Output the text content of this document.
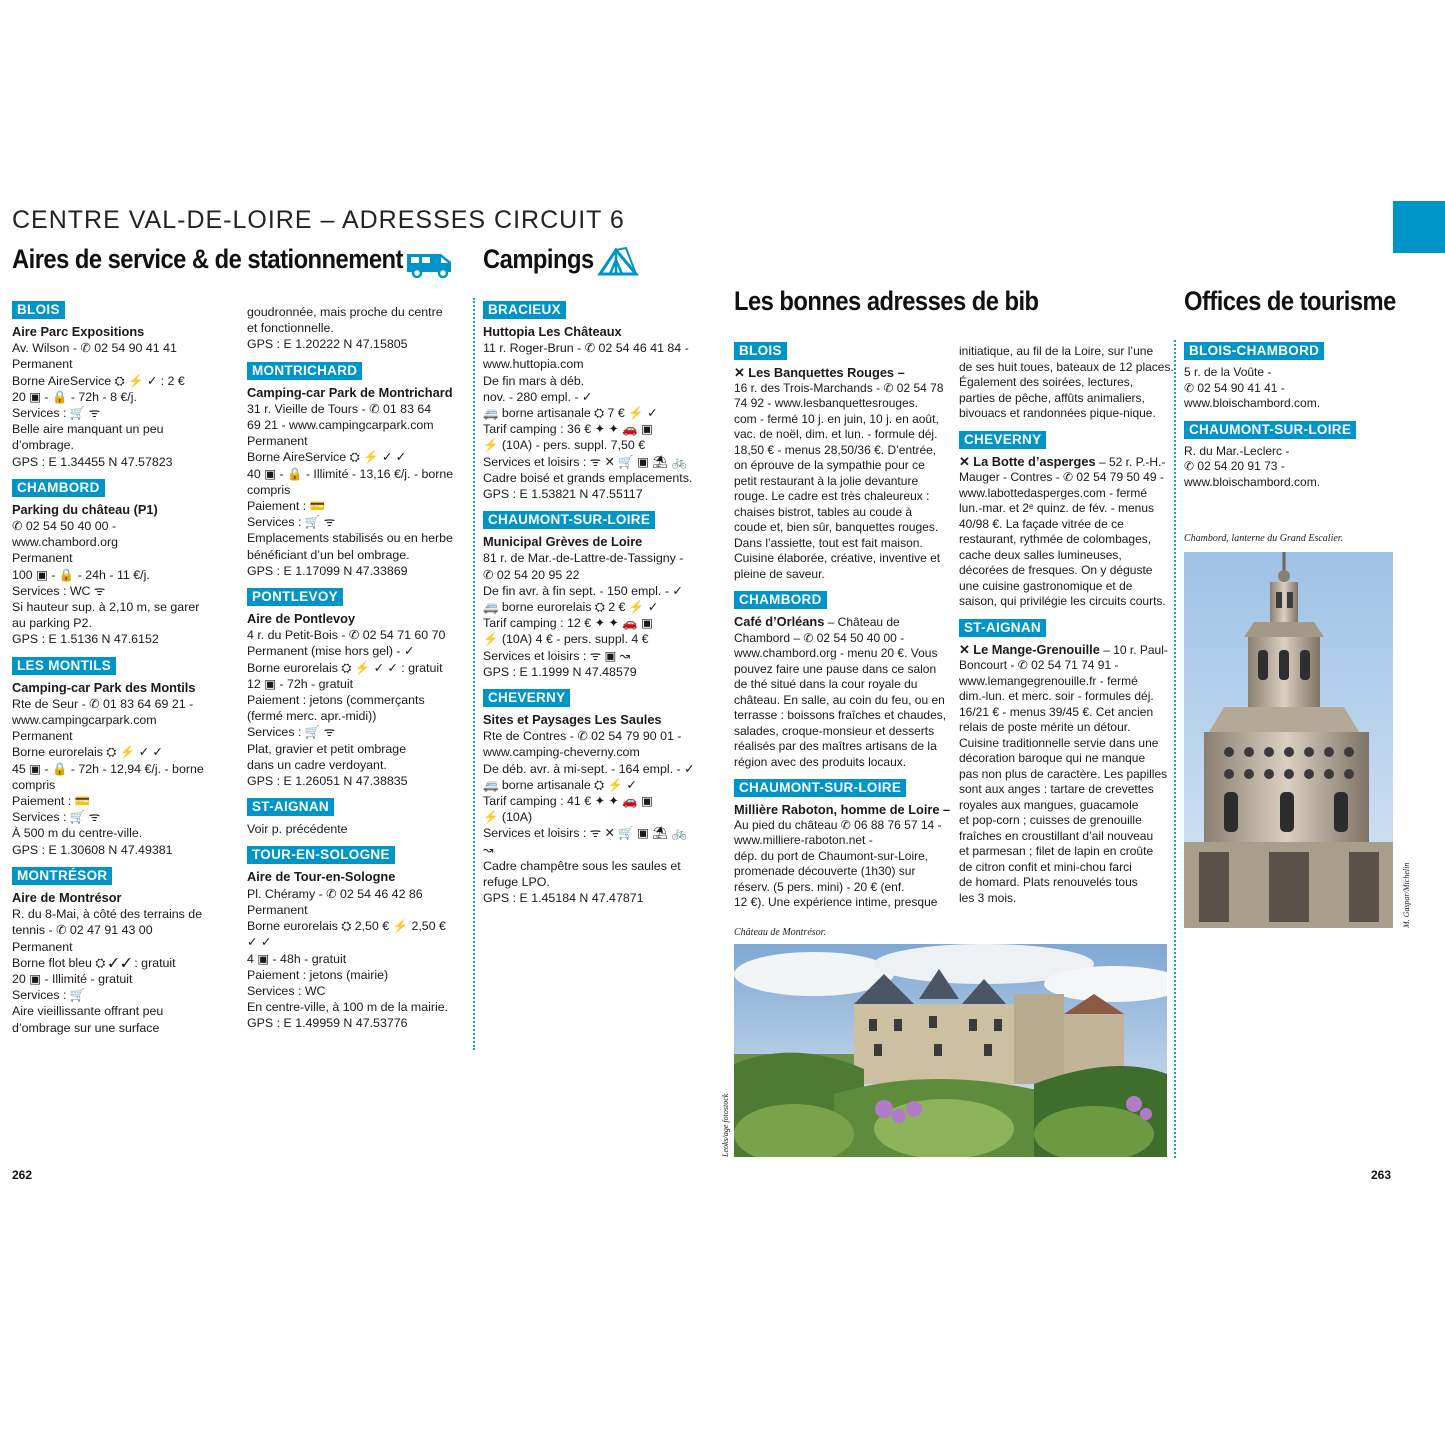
CENTRE VAL-DE-LOIRE – ADRESSES CIRCUIT 6
Aires de service & de stationnement	Campings
Les bonnes adresses de bib	Offices de tourisme
BLOIS
Aire Parc Expositions
Av. Wilson - ✆ 02 54 90 41 41
Permanent
Borne AireService ⛭ ⚡ ✓ : 2 €
20 ▣ - 🔒 - 72h - 8 €/j.
Services : 🛒 ᯤ
Belle aire manquant un peu
d’ombrage.
GPS : E 1.34455 N 47.57823
CHAMBORD
Parking du château (P1)
✆ 02 54 50 40 00 -
www.chambord.org
Permanent
100 ▣ - 🔒 - 24h - 11 €/j.
Services : WC ᯤ
Si hauteur sup. à 2,10 m, se garer
au parking P2.
GPS : E 1.5136 N 47.6152
LES MONTILS
Camping-car Park des Montils
Rte de Seur - ✆ 01 83 64 69 21 -
www.campingcarpark.com
Permanent
Borne eurorelais ⛭ ⚡ ✓ ✓
45 ▣ - 🔒 - 72h - 12,94 €/j. - borne
compris
Paiement : 💳
Services : 🛒 ᯤ
À 500 m du centre-ville.
GPS : E 1.30608 N 47.49381
MONTRÉSOR
Aire de Montrésor
R. du 8-Mai, à côté des terrains de
tennis - ✆ 02 47 91 43 00
Permanent
Borne flot bleu ⛭ ✓ ✓ : gratuit
20 ▣ - Illimité - gratuit
Services : 🛒
Aire vieillissante offrant peu
d’ombrage sur une surface
goudronnée, mais proche du centre
et fonctionnelle.
GPS : E 1.20222 N 47.15805
MONTRICHARD
Camping-car Park de Montrichard
31 r. Vieille de Tours - ✆ 01 83 64
69 21 - www.campingcarpark.com
Permanent
Borne AireService ⛭ ⚡ ✓ ✓
40 ▣ - 🔒 - Illimité - 13,16 €/j. - borne
compris
Paiement : 💳
Services : 🛒 ᯤ
Emplacements stabilisés ou en herbe
bénéficiant d’un bel ombrage.
GPS : E 1.17099 N 47.33869
PONTLEVOY
Aire de Pontlevoy
4 r. du Petit-Bois - ✆ 02 54 71 60 70
Permanent (mise hors gel) - ✓
Borne eurorelais ⛭ ⚡ ✓ ✓ : gratuit
12 ▣ - 72h - gratuit
Paiement : jetons (commerçants
(fermé merc. apr.-midi))
Services : 🛒 ᯤ
Plat, gravier et petit ombrage
dans un cadre verdoyant.
GPS : E 1.26051 N 47.38835
ST-AIGNAN
Voir p. précédente
TOUR-EN-SOLOGNE
Aire de Tour-en-Sologne
Pl. Chéramy - ✆ 02 54 46 42 86
Permanent
Borne eurorelais ⛭ 2,50 € ⚡ 2,50 €
✓ ✓
4 ▣ - 48h - gratuit
Paiement : jetons (mairie)
Services : WC
En centre-ville, à 100 m de la mairie.
GPS : E 1.49959 N 47.53776
BRACIEUX
Huttopia Les Châteaux
11 r. Roger-Brun - ✆ 02 54 46 41 84 -
www.huttopia.com
De fin mars à déb.
nov. - 280 empl. - ✓
🚐 borne artisanale ⛭ 7 € ⚡ ✓
Tarif camping : 36 € ✦ ✦ 🚗 ▣
⚡ (10A) - pers. suppl. 7,50 €
Services et loisirs : ᯤ ✕ 🛒 ▣ ⛱ 🚲
Cadre boisé et grands emplacements.
GPS : E 1.53821 N 47.55117
CHAUMONT-SUR-LOIRE
Municipal Grèves de Loire
81 r. de Mar.-de-Lattre-de-Tassigny -
✆ 02 54 20 95 22
De fin avr. à fin sept. - 150 empl. - ✓
🚐 borne eurorelais ⛭ 2 € ⚡ ✓
Tarif camping : 12 € ✦ ✦ 🚗 ▣
⚡ (10A) 4 € - pers. suppl. 4 €
Services et loisirs : ᯤ ▣ ↝
GPS : E 1.1999 N 47.48579
CHEVERNY
Sites et Paysages Les Saules
Rte de Contres - ✆ 02 54 79 90 01 -
www.camping-cheverny.com
De déb. avr. à mi-sept. - 164 empl. - ✓
🚐 borne artisanale ⛭ ⚡ ✓
Tarif camping : 41 € ✦ ✦ 🚗 ▣
⚡ (10A)
Services et loisirs : ᯤ ✕ 🛒 ▣ ⛱ 🚲
↝
Cadre champêtre sous les saules et
refuge LPO.
GPS : E 1.45184 N 47.47871
BLOIS
✕ Les Banquettes Rouges –
16 r. des Trois-Marchands - ✆ 02 54 78
74 92 - www.lesbanquettesrouges.
com - fermé 10 j. en juin, 10 j. en août,
vac. de noël, dim. et lun. - formule déj.
18,50 € - menus 28,50/36 €. D’entrée,
on éprouve de la sympathie pour ce
petit restaurant à la jolie devanture
rouge. Le cadre est très chaleureux :
chaises bistrot, tables au coude à
coude et, bien sûr, banquettes rouges.
Dans l’assiette, tout est fait maison.
Cuisine élaborée, créative, inventive et
pleine de saveur.
CHAMBORD
Café d’Orléans – Château de
Chambord – ✆ 02 54 50 40 00 -
www.chambord.org - menu 20 €. Vous
pouvez faire une pause dans ce salon
de thé situé dans la cour royale du
château. En salle, au coin du feu, ou en
terrasse : boissons fraîches et chaudes,
salades, croque-monsieur et desserts
réalisés par des maîtres artisans de la
région avec des produits locaux.
CHAUMONT-SUR-LOIRE
Millière Raboton, homme de Loire –
Au pied du château ✆ 06 88 76 57 14 -
www.milliere-raboton.net -
dép. du port de Chaumont-sur-Loire,
promenade découverte (1h30) sur
réserv. (5 pers. mini) - 20 € (enf.
12 €). Une expérience intime, presque
initiatique, au fil de la Loire, sur l’une
de ses huit toues, bateaux de 12 places.
Également des soirées, lectures,
parties de pêche, affûts animaliers,
bivouacs et randonnées pique-nique.
CHEVERNY
✕ La Botte d’asperges – 52 r. P.-H.-
Mauger - Contres - ✆ 02 54 79 50 49 -
www.labottedasperges.com - fermé
lun.-mar. et 2ᵉ quinz. de fév. - menus
40/98 €. La façade vitrée de ce
restaurant, rythmée de colombages,
cache deux salles lumineuses,
décorées de fresques. On y déguste
une cuisine gastronomique et de
saison, qui privilégie les circuits courts.
ST-AIGNAN
✕ Le Mange-Grenouille – 10 r. Paul-
Boncourt - ✆ 02 54 71 74 91 -
www.lemangegrenouille.fr - fermé
dim.-lun. et merc. soir - formules déj.
16/21 € - menus 39/45 €. Cet ancien
relais de poste mérite un détour.
Cuisine traditionnelle servie dans une
décoration baroque qui ne manque
pas non plus de caractère. Les papilles
sont aux anges : tartare de crevettes
royales aux mangues, guacamole
et pop-corn ; cuisses de grenouille
fraîches en croustillant d’ail nouveau
et parmesan ; filet de lapin en croûte
de citron confit et mini-chou farci
de homard. Plats renouvelés tous
les 3 mois.
BLOIS-CHAMBORD
5 r. de la Voûte -
✆ 02 54 90 41 41 -
www.bloischambord.com.
CHAUMONT-SUR-LOIRE
R. du Mar.-Leclerc -
✆ 02 54 20 91 73 -
www.bloischambord.com.
Chambord, lanterne du Grand Escalier.
M. Gaspar/Michelin
Château de Montrésor.
Leoks/age fotostock
262	263
